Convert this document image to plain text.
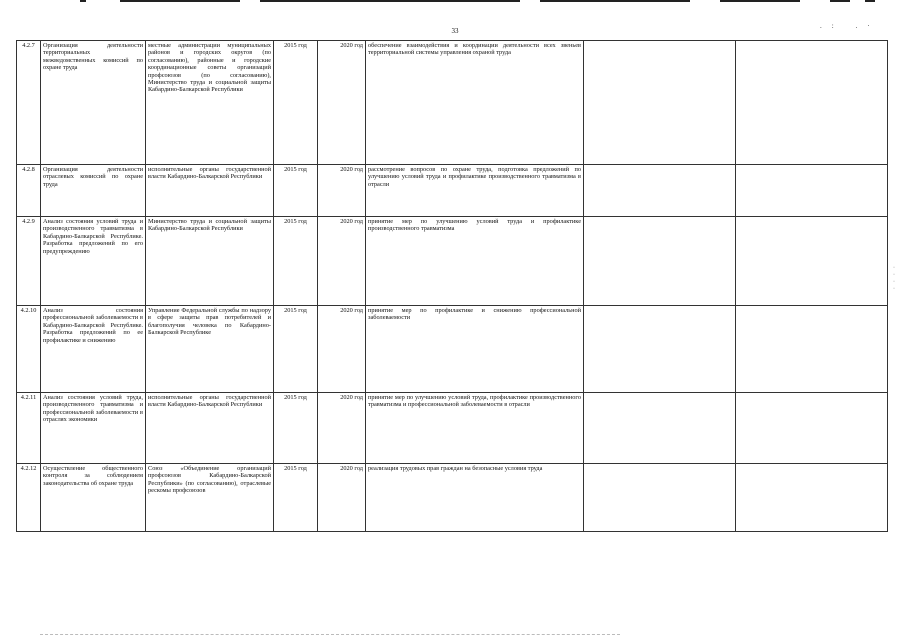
33
.: .·
·
·
·
·
4.2.7	Организация деятельности территориальных межведомственных комиссий по охране труда	местные администрации муниципальных районов и городских округов (по согласованию), районные и городские координационные советы организаций профсоюзов (по согласованию), Министерство труда и социальной защиты Кабардино-Балкарской Республики	2015 год	2020 год	обеспечение взаимодействия и координации деятельности всех звеньев территориальной системы управления охраной труда		
4.2.8	Организация деятельности отраслевых комиссий по охране труда	исполнительные органы государственной власти Кабардино-Балкарской Республики	2015 год	2020 год	рассмотрение вопросов по охране труда, подготовка предложений по улучшению условий труда и профилактике производственного травматизма в отрасли		
4.2.9	Анализ состояния условий труда и производственного травматизма в Кабардино-Балкарской Республике. Разработка предложений по его предупреждению	Министерство труда и социальной защиты Кабардино-Балкарской Республики	2015 год	2020 год	принятие мер по улучшению условий труда и профилактике производственного травматизма		
4.2.10	Анализ состояния профессиональной заболеваемости в Кабардино-Балкарской Республике. Разработка предложений по ее профилактике и снижению	Управление Федеральной службы по надзору в сфере защиты прав потребителей и благополучия человека по Кабардино-Балкарской Республике	2015 год	2020 год	принятие мер по профилактике и снижению профессиональной заболеваемости		
4.2.11	Анализ состояния условий труда, производственного травматизма и профессиональной заболеваемости в отраслях экономики	исполнительные органы государственной власти Кабардино-Балкарской Республики	2015 год	2020 год	принятие мер по улучшению условий труда, профилактике производственного травматизма и профессиональной заболеваемости в отрасли		
4.2.12	Осуществление общественного контроля за соблюдением законодательства об охране труда	Союз «Объединение организаций профсоюзов Кабардино-Балкарской Республики» (по согласованию), отраслевые рескомы профсоюзов	2015 год	2020 год	реализация трудовых прав граждан на безопасные условия труда		
